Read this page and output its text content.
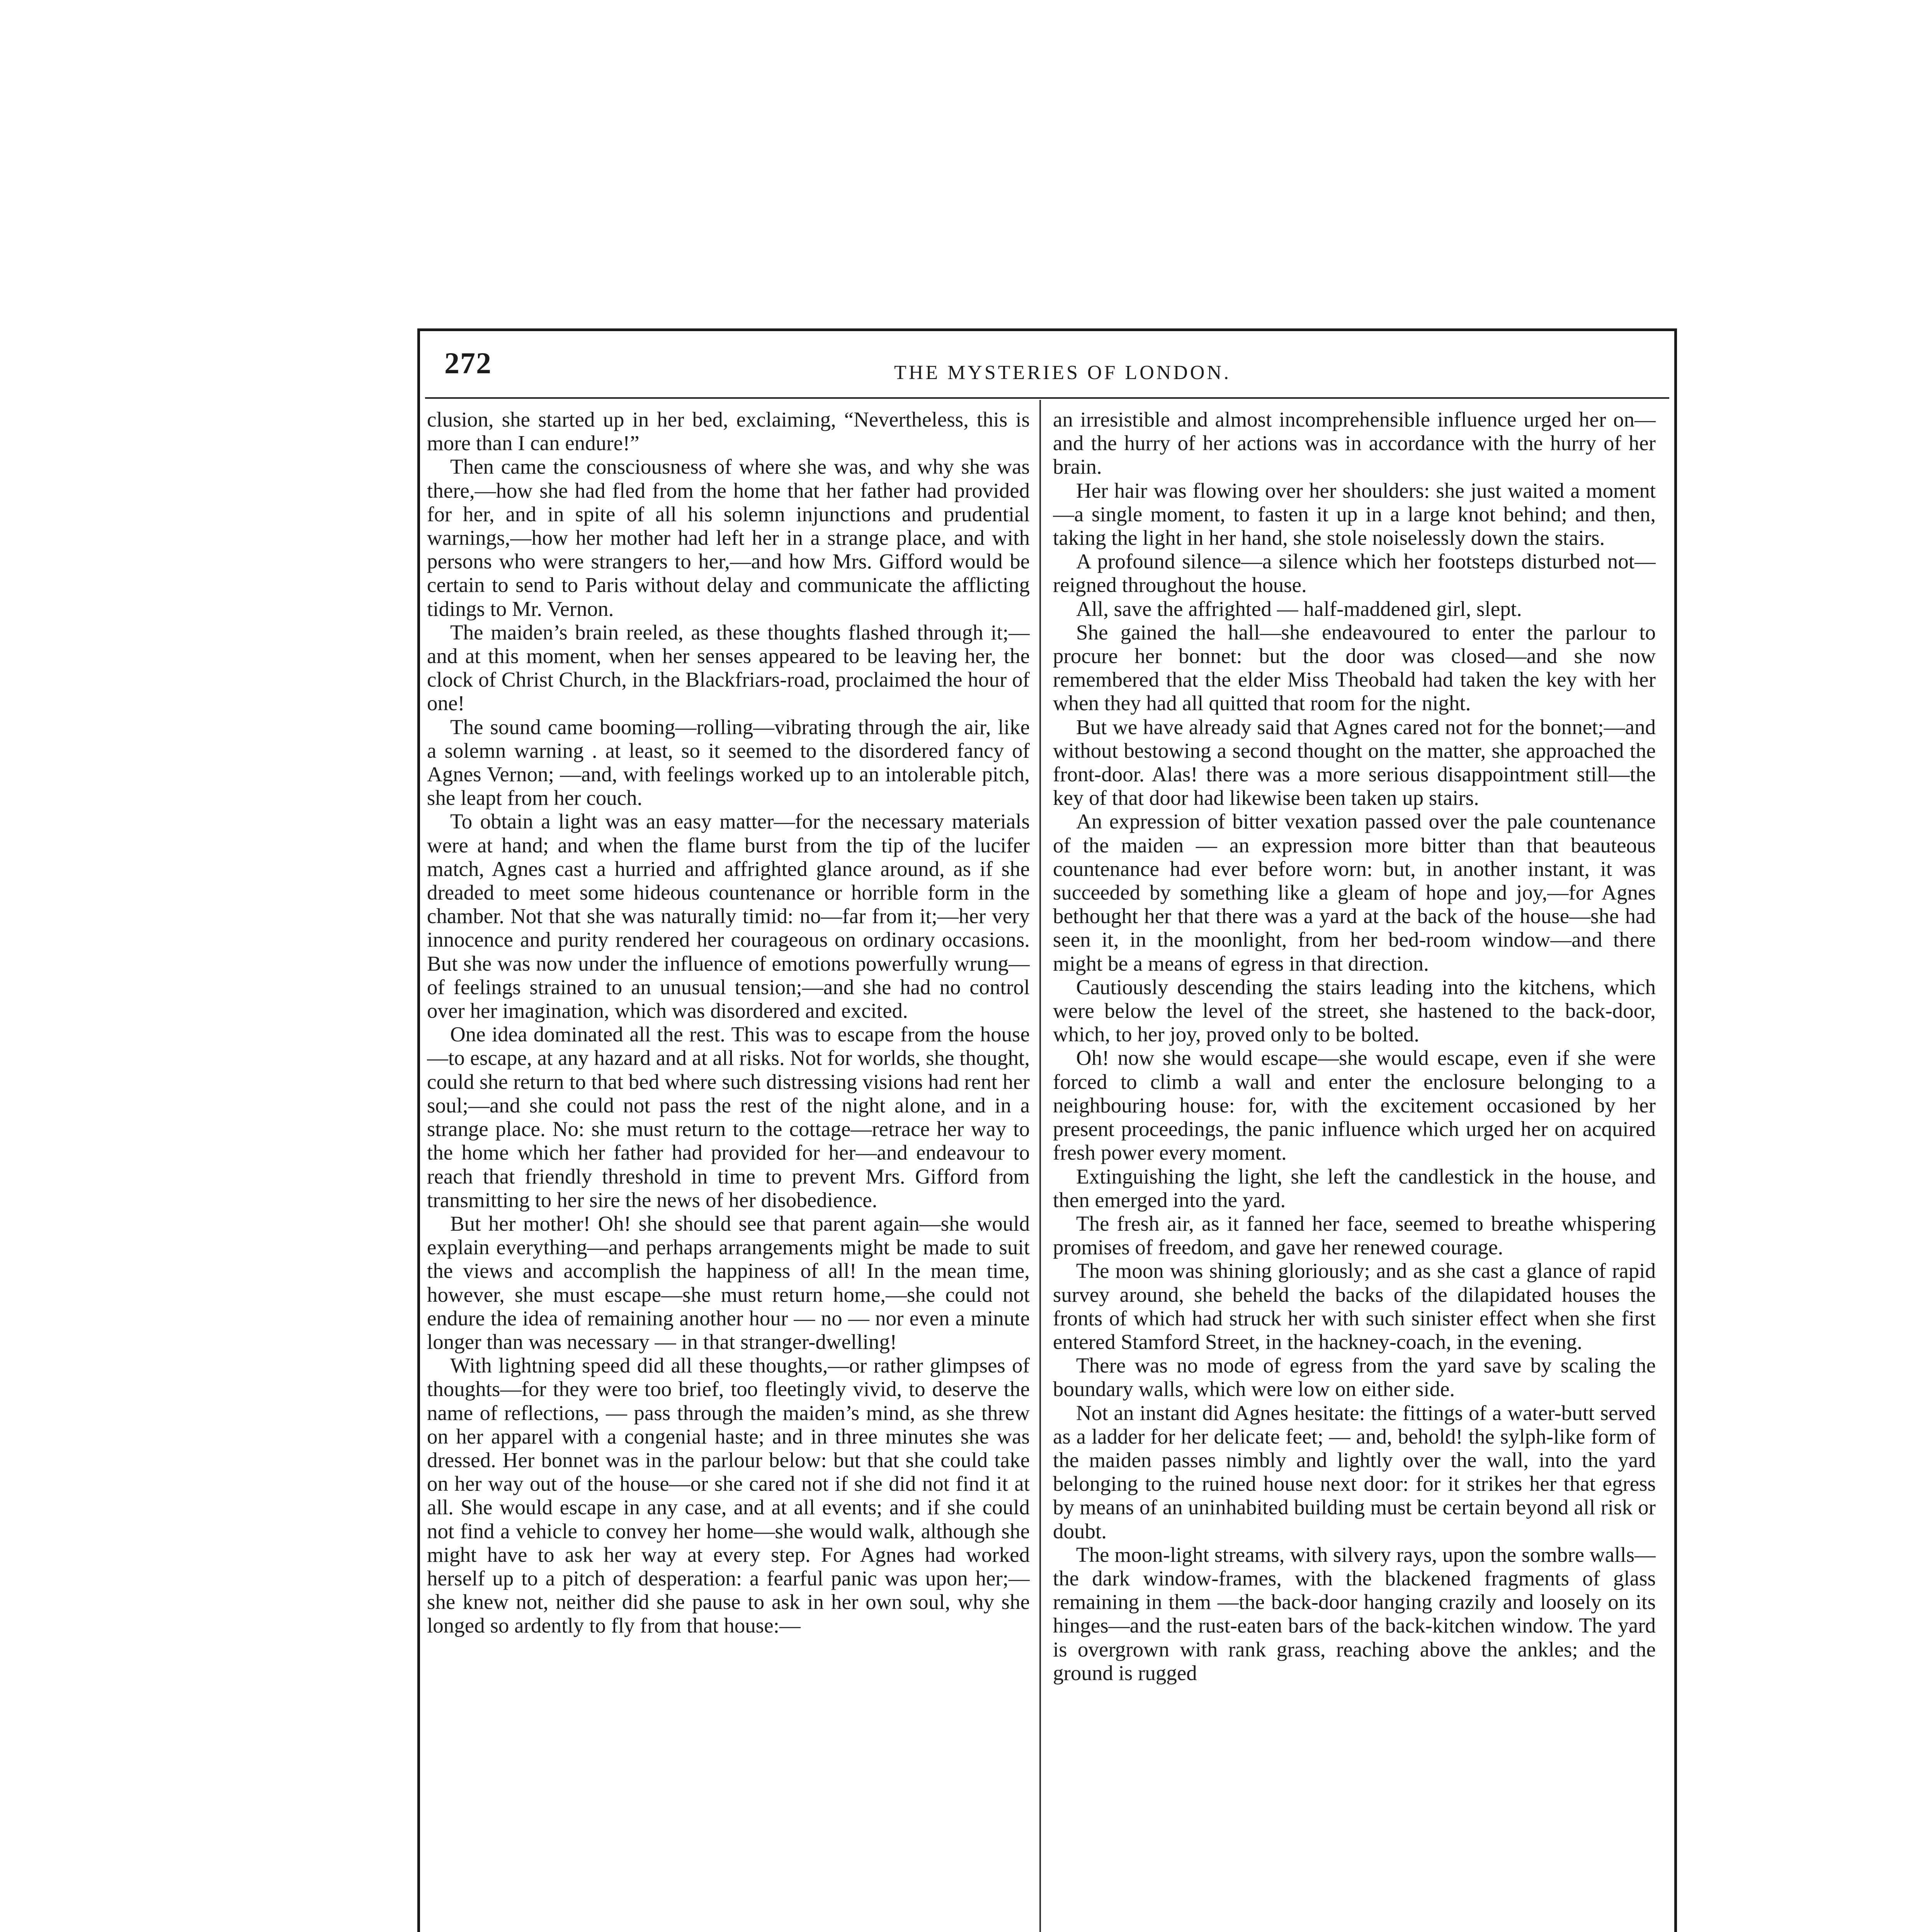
272	THE MYSTERIES OF LONDON.

clusion, she started up in her bed, exclaiming, “Nevertheless, this is more than I can endure!”

Then came the consciousness of where she was, and why she was there,—how she had fled from the home that her father had provided for her, and in spite of all his solemn injunctions and prudential warnings,—how her mother had left her in a strange place, and with persons who were strangers to her,—and how Mrs. Gifford would be certain to send to Paris without delay and communicate the afflicting tidings to Mr. Vernon.

The maiden’s brain reeled, as these thoughts flashed through it;—and at this moment, when her senses appeared to be leaving her, the clock of Christ Church, in the Blackfriars-road, proclaimed the hour of one!

The sound came booming—rolling—vibrating through the air, like a solemn warning . at least, so it seemed to the disordered fancy of Agnes Vernon; —and, with feelings worked up to an intolerable pitch, she leapt from her couch.

To obtain a light was an easy matter—for the necessary materials were at hand; and when the flame burst from the tip of the lucifer match, Agnes cast a hurried and affrighted glance around, as if she dreaded to meet some hideous countenance or horrible form in the chamber. Not that she was naturally timid: no—far from it;—her very innocence and purity rendered her courageous on ordinary occasions. But she was now under the influence of emotions powerfully wrung—of feelings strained to an unusual tension;—and she had no control over her imagination, which was disordered and excited.

One idea dominated all the rest. This was to escape from the house—to escape, at any hazard and at all risks. Not for worlds, she thought, could she return to that bed where such distressing visions had rent her soul;—and she could not pass the rest of the night alone, and in a strange place. No: she must return to the cottage—retrace her way to the home which her father had provided for her—and endeavour to reach that friendly threshold in time to prevent Mrs. Gifford from transmitting to her sire the news of her disobedience.

But her mother! Oh! she should see that parent again—she would explain everything—and perhaps arrangements might be made to suit the views and accomplish the happiness of all! In the mean time, however, she must escape—she must return home,—she could not endure the idea of remaining another hour — no — nor even a minute longer than was necessary — in that stranger-dwelling!

With lightning speed did all these thoughts,—or rather glimpses of thoughts—for they were too brief, too fleetingly vivid, to deserve the name of reflections, — pass through the maiden’s mind, as she threw on her apparel with a congenial haste; and in three minutes she was dressed. Her bonnet was in the parlour below: but that she could take on her way out of the house—or she cared not if she did not find it at all. She would escape in any case, and at all events; and if she could not find a vehicle to convey her home—she would walk, although she might have to ask her way at every step. For Agnes had worked herself up to a pitch of desperation: a fearful panic was upon her;—she knew not, neither did she pause to ask in her own soul, why she longed so ardently to fly from that house:—

an irresistible and almost incomprehensible influence urged her on—and the hurry of her actions was in accordance with the hurry of her brain.

Her hair was flowing over her shoulders: she just waited a moment—a single moment, to fasten it up in a large knot behind; and then, taking the light in her hand, she stole noiselessly down the stairs.

A profound silence—a silence which her footsteps disturbed not—reigned throughout the house.

All, save the affrighted — half-maddened girl, slept.

She gained the hall—she endeavoured to enter the parlour to procure her bonnet: but the door was closed—and she now remembered that the elder Miss Theobald had taken the key with her when they had all quitted that room for the night.

But we have already said that Agnes cared not for the bonnet;—and without bestowing a second thought on the matter, she approached the front-door. Alas! there was a more serious disappointment still—the key of that door had likewise been taken up stairs.

An expression of bitter vexation passed over the pale countenance of the maiden — an expression more bitter than that beauteous countenance had ever before worn: but, in another instant, it was succeeded by something like a gleam of hope and joy,—for Agnes bethought her that there was a yard at the back of the house—she had seen it, in the moonlight, from her bed-room window—and there might be a means of egress in that direction.

Cautiously descending the stairs leading into the kitchens, which were below the level of the street, she hastened to the back-door, which, to her joy, proved only to be bolted.

Oh! now she would escape—she would escape, even if she were forced to climb a wall and enter the enclosure belonging to a neighbouring house: for, with the excitement occasioned by her present proceedings, the panic influence which urged her on acquired fresh power every moment.

Extinguishing the light, she left the candlestick in the house, and then emerged into the yard.

The fresh air, as it fanned her face, seemed to breathe whispering promises of freedom, and gave her renewed courage.

The moon was shining gloriously; and as she cast a glance of rapid survey around, she beheld the backs of the dilapidated houses the fronts of which had struck her with such sinister effect when she first entered Stamford Street, in the hackney-coach, in the evening.

There was no mode of egress from the yard save by scaling the boundary walls, which were low on either side.

Not an instant did Agnes hesitate: the fittings of a water-butt served as a ladder for her delicate feet; — and, behold! the sylph-like form of the maiden passes nimbly and lightly over the wall, into the yard belonging to the ruined house next door: for it strikes her that egress by means of an uninhabited building must be certain beyond all risk or doubt.

The moon-light streams, with silvery rays, upon the sombre walls—the dark window-frames, with the blackened fragments of glass remaining in them —the back-door hanging crazily and loosely on its hinges—and the rust-eaten bars of the back-kitchen window. The yard is overgrown with rank grass, reaching above the ankles; and the ground is rugged
